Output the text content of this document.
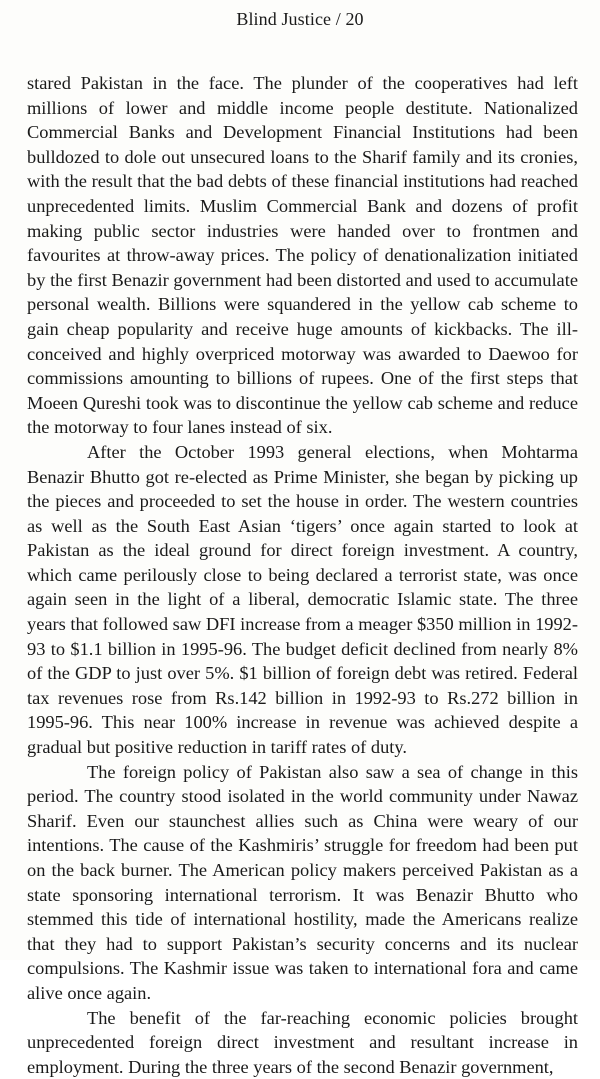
Blind Justice / 20

stared Pakistan in the face. The plunder of the cooperatives had left millions of lower and middle income people destitute. Nationalized Commercial Banks and Development Financial Institutions had been bulldozed to dole out unsecured loans to the Sharif family and its cronies, with the result that the bad debts of these financial institutions had reached unprecedented limits. Muslim Commercial Bank and dozens of profit making public sector industries were handed over to frontmen and favourites at throw-away prices. The policy of denationalization initiated by the first Benazir government had been distorted and used to accumulate personal wealth. Billions were squandered in the yellow cab scheme to gain cheap popularity and receive huge amounts of kickbacks. The ill-conceived and highly overpriced motorway was awarded to Daewoo for commissions amounting to billions of rupees. One of the first steps that Moeen Qureshi took was to discontinue the yellow cab scheme and reduce the motorway to four lanes instead of six.

After the October 1993 general elections, when Mohtarma Benazir Bhutto got re-elected as Prime Minister, she began by picking up the pieces and proceeded to set the house in order. The western countries as well as the South East Asian ‘tigers’ once again started to look at Pakistan as the ideal ground for direct foreign investment. A country, which came perilously close to being declared a terrorist state, was once again seen in the light of a liberal, democratic Islamic state. The three years that followed saw DFI increase from a meager $350 million in 1992-93 to $1.1 billion in 1995-96. The budget deficit declined from nearly 8% of the GDP to just over 5%. $1 billion of foreign debt was retired. Federal tax revenues rose from Rs.142 billion in 1992-93 to Rs.272 billion in 1995-96. This near 100% increase in revenue was achieved despite a gradual but positive reduction in tariff rates of duty.

The foreign policy of Pakistan also saw a sea of change in this period. The country stood isolated in the world community under Nawaz Sharif. Even our staunchest allies such as China were weary of our intentions. The cause of the Kashmiris’ struggle for freedom had been put on the back burner. The American policy makers perceived Pakistan as a state sponsoring international terrorism. It was Benazir Bhutto who stemmed this tide of international hostility, made the Americans realize that they had to support Pakistan’s security concerns and its nuclear compulsions. The Kashmir issue was taken to international fora and came alive once again.

The benefit of the far-reaching economic policies brought unprecedented foreign direct investment and resultant increase in employment. During the three years of the second Benazir government,
